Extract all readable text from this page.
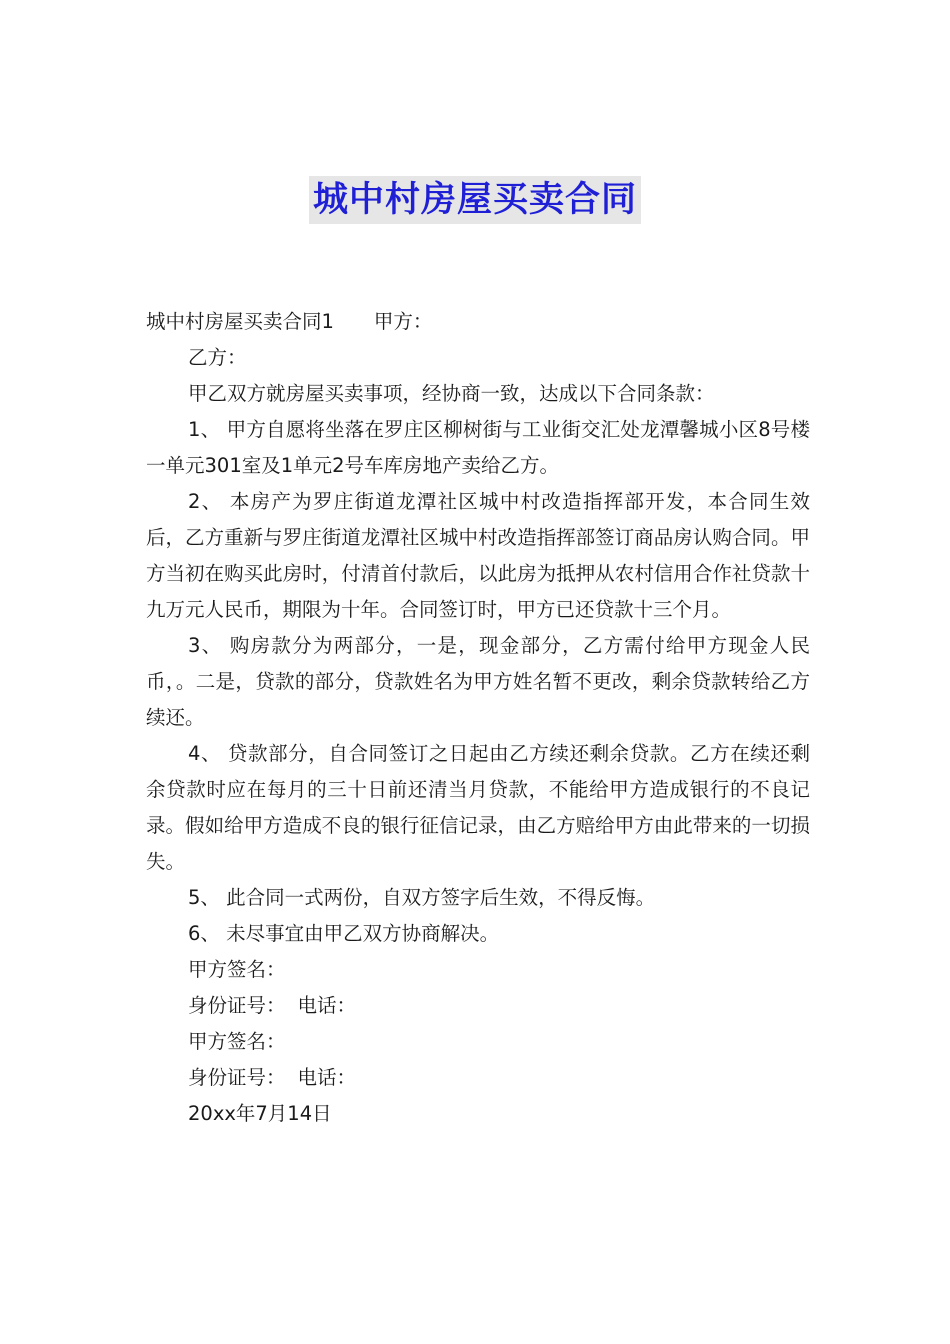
城中村房屋买卖合同
城中村房屋买卖合同1 甲方：
乙方：
甲乙双方就房屋买卖事项，经协商一致，达成以下合同条款：

1、 甲方自愿将坐落在罗庄区柳树街与工业街交汇处龙潭馨城小区8号楼一单元301室及1单元2号车库房地产卖给乙方。

2、 本房产为罗庄街道龙潭社区城中村改造指挥部开发，本合同生效后，乙方重新与罗庄街道龙潭社区城中村改造指挥部签订商品房认购合同。甲方当初在购买此房时，付清首付款后，以此房为抵押从农村信用合作社贷款十九万元人民币，期限为十年。合同签订时，甲方已还贷款十三个月。

3、 购房款分为两部分，一是，现金部分，乙方需付给甲方现金人民币，。二是，贷款的部分，贷款姓名为甲方姓名暂不更改，剩余贷款转给乙方续还。

4、 贷款部分，自合同签订之日起由乙方续还剩余贷款。乙方在续还剩余贷款时应在每月的三十日前还清当月贷款，不能给甲方造成银行的不良记录。假如给甲方造成不良的银行征信记录，由乙方赔给甲方由此带来的一切损失。

5、 此合同一式两份，自双方签字后生效，不得反悔。

6、 未尽事宜由甲乙双方协商解决。

甲方签名：
身份证号： 电话：
甲方签名：
身份证号： 电话：
20xx年7月14日
